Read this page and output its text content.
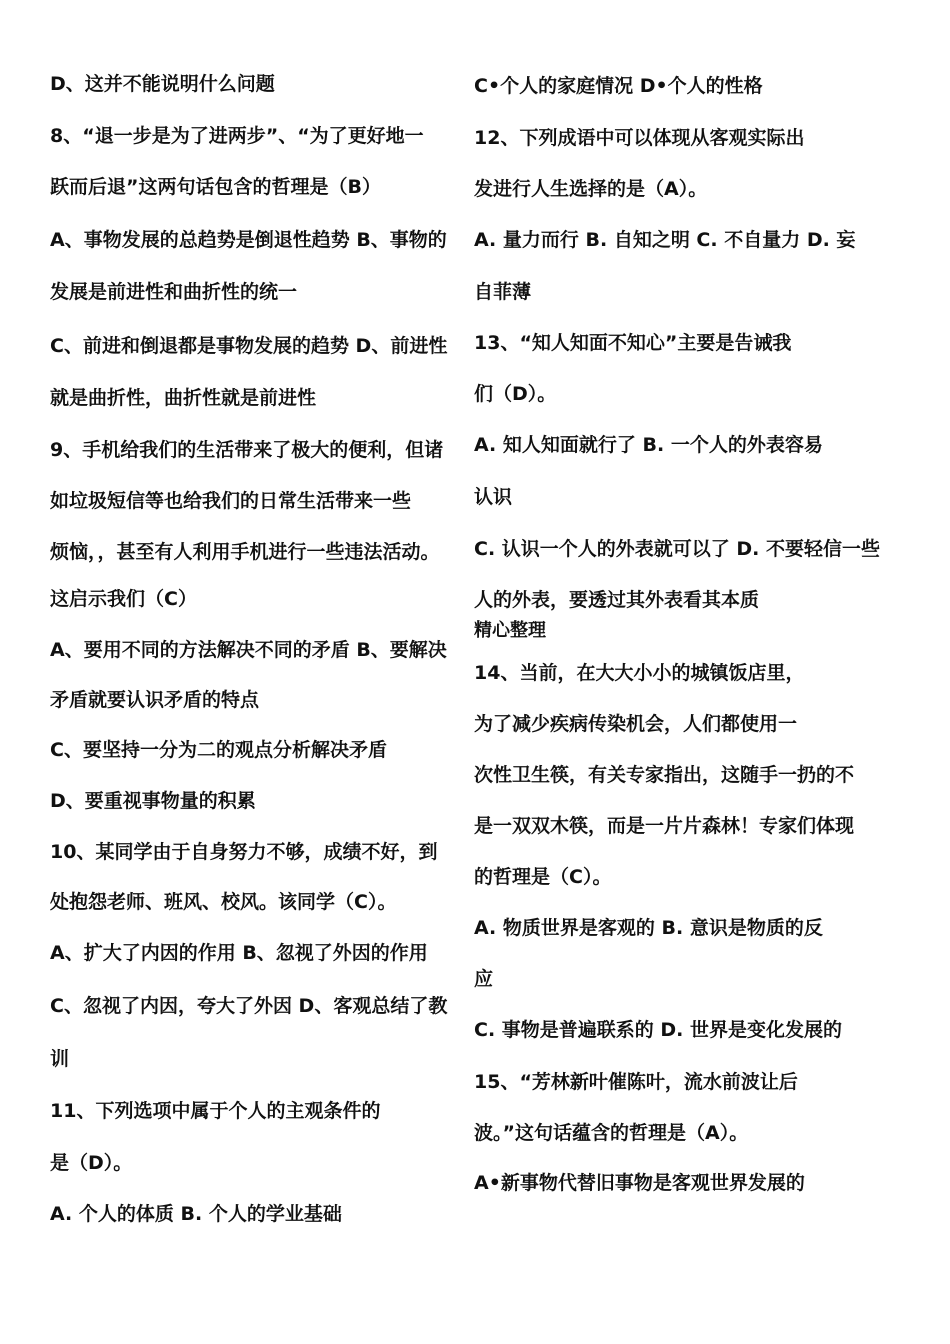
D、这并不能说明什么问题
8、“退一步是为了进两步”、“为了更好地一
跃而后退”这两句话包含的哲理是（B）
A、事物发展的总趋势是倒退性趋势 B、事物的
发展是前进性和曲折性的统一
C、前进和倒退都是事物发展的趋势 D、前进性
就是曲折性，曲折性就是前进性
9、手机给我们的生活带来了极大的便利，但诸
如垃圾短信等也给我们的日常生活带来一些
烦恼，，甚至有人利用手机进行一些违法活动。
这启示我们（C）
A、要用不同的方法解决不同的矛盾 B、要解决
矛盾就要认识矛盾的特点
C、要坚持一分为二的观点分析解决矛盾
D、要重视事物量的积累
10、某同学由于自身努力不够，成绩不好，到
处抱怨老师、班风、校风。该同学（C）。
A、扩大了内因的作用 B、忽视了外因的作用
C、忽视了内因，夸大了外因 D、客观总结了教
训
11、下列选项中属于个人的主观条件的
是（D）。
A. 个人的体质 B. 个人的学业基础
C•个人的家庭情况 D•个人的性格
12、下列成语中可以体现从客观实际出
发进行人生选择的是（A）。
A. 量力而行 B. 自知之明 C. 不自量力 D. 妄
自菲薄
13、“知人知面不知心”主要是告诫我
们（D）。
A. 知人知面就行了 B. 一个人的外表容易
认识
C. 认识一个人的外表就可以了 D. 不要轻信一些
人的外表，要透过其外表看其本质
精心整理
14、当前，在大大小小的城镇饭店里，
为了减少疾病传染机会，人们都使用一
次性卫生筷，有关专家指出，这随手一扔的不
是一双双木筷，而是一片片森林！专家们体现
的哲理是（C）。
A. 物质世界是客观的 B. 意识是物质的反
应
C. 事物是普遍联系的 D. 世界是变化发展的
15、“芳林新叶催陈叶，流水前波让后
波。”这句话蕴含的哲理是（A）。
A•新事物代替旧事物是客观世界发展的
